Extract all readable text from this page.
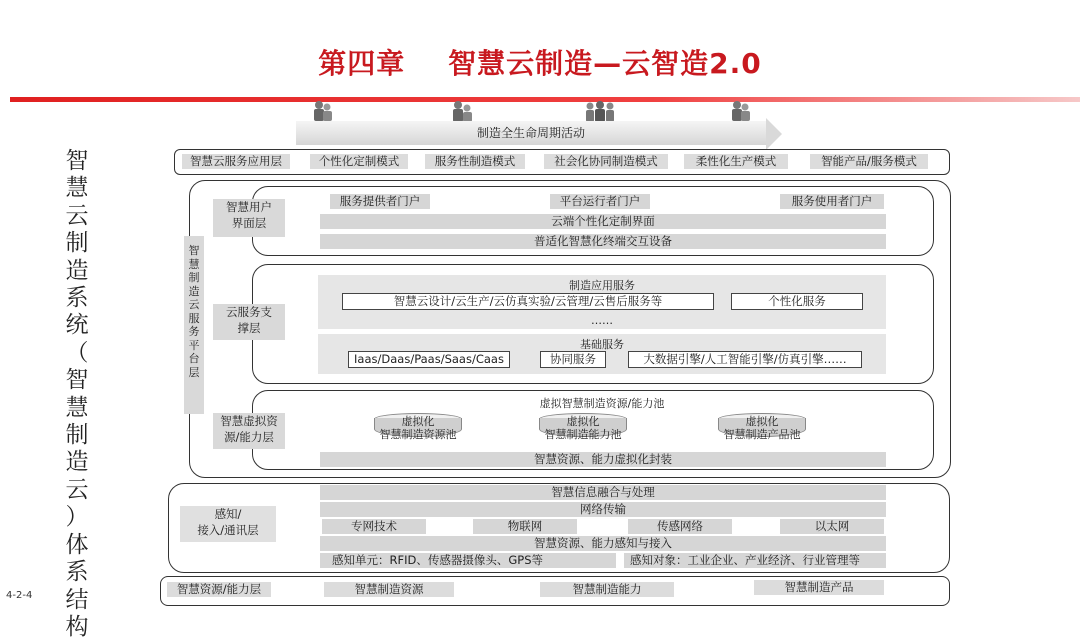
第四章    智慧云制造—云智造2.0
智
慧
云
制
造
系
统
（
智
慧
制
造
云
）
体
系
结
构
4-2-4
制造全生命周期活动
智慧云服务应用层	个性化定制模式	服务性制造模式	社会化协同制造模式	柔性化生产模式	智能产品/服务模式
智
慧
制
造
云
服
务
平
台
层
智慧用户
界面层
服务提供者门户	平台运行者门户	服务使用者门户
云端个性化定制界面
普适化智慧化终端交互设备
云服务支
撑层
制造应用服务
智慧云设计/云生产/云仿真实验/云管理/云售后服务等	个性化服务
……
基础服务
Iaas/Daas/Paas/Saas/Caas	协同服务	大数据引擎/人工智能引擎/仿真引擎……
智慧虚拟资
源/能力层
虚拟智慧制造资源/能力池
虚拟化
智慧制造资源池
虚拟化
智慧制造能力池
虚拟化
智慧制造产品池
智慧资源、能力虚拟化封装
感知/
接入/通讯层
智慧信息融合与处理
网络传输
专网技术	物联网	传感网络	以太网
智慧资源、能力感知与接入
感知单元：RFID、传感器摄像头、GPS等	感知对象：工业企业、产业经济、行业管理等
智慧资源/能力层	智慧制造资源	智慧制造能力	智慧制造产品
